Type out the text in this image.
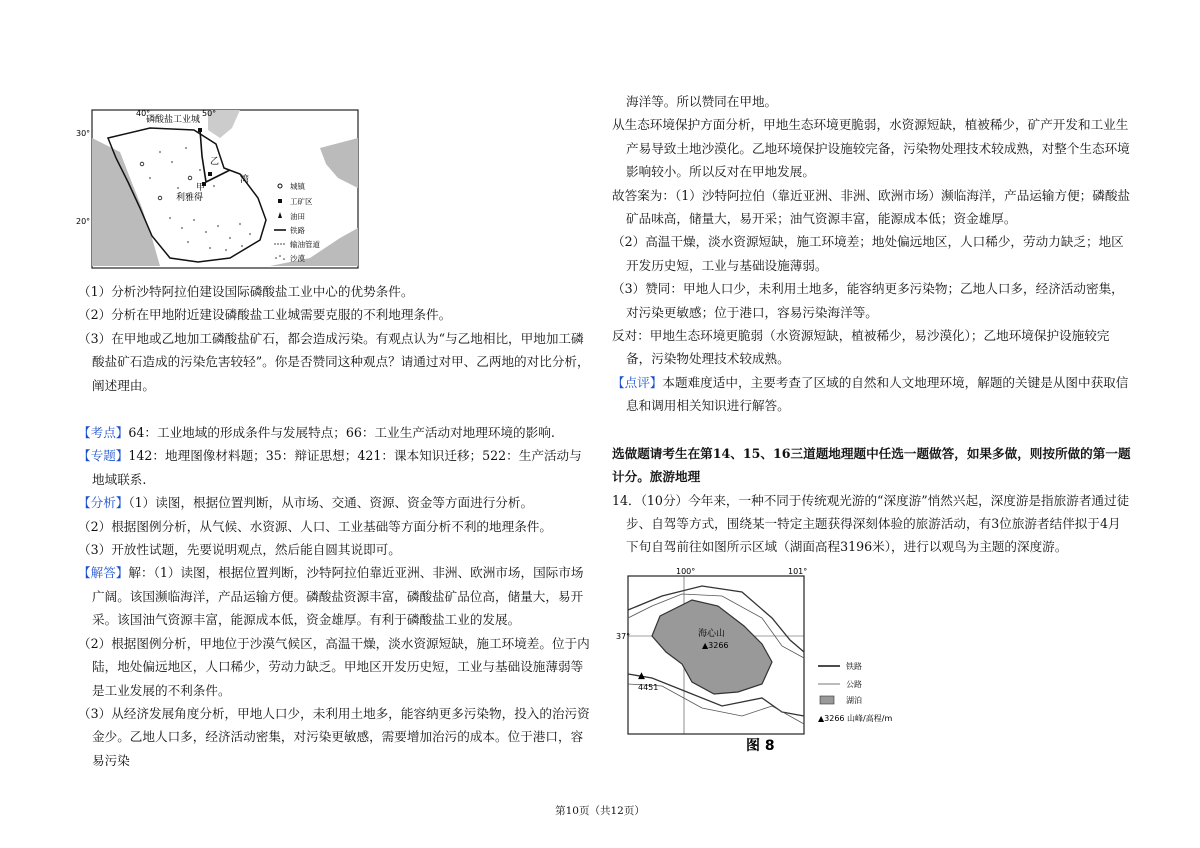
40°	50°
30°
20°
磷酸盐工业城
利雅得
乙
甲
湾
城镇
工矿区
油田
铁路
输油管道
沙漠

（1）分析沙特阿拉伯建设国际磷酸盐工业中心的优势条件。

（2）分析在甲地附近建设磷酸盐工业城需要克服的不利地理条件。

（3）在甲地或乙地加工磷酸盐矿石，都会造成污染。有观点认为“与乙地相比，甲地加工磷酸盐矿石造成的污染危害较轻”。你是否赞同这种观点？请通过对甲、乙两地的对比分析，阐述理由。

【考点】64：工业地域的形成条件与发展特点；66：工业生产活动对地理环境的影响.

【专题】142：地理图像材料题；35：辩证思想；421：课本知识迁移；522：生产活动与地域联系.

【分析】（1）读图，根据位置判断，从市场、交通、资源、资金等方面进行分析。

（2）根据图例分析，从气候、水资源、人口、工业基础等方面分析不利的地理条件。

（3）开放性试题，先要说明观点，然后能自圆其说即可。

【解答】解：（1）读图，根据位置判断，沙特阿拉伯靠近亚洲、非洲、欧洲市场，国际市场广阔。该国濒临海洋，产品运输方便。磷酸盐资源丰富，磷酸盐矿品位高，储量大，易开采。该国油气资源丰富，能源成本低，资金雄厚。有利于磷酸盐工业的发展。

（2）根据图例分析，甲地位于沙漠气候区，高温干燥，淡水资源短缺，施工环境差。位于内陆，地处偏远地区，人口稀少，劳动力缺乏。甲地区开发历史短，工业与基础设施薄弱等是工业发展的不利条件。

（3）从经济发展角度分析，甲地人口少，未利用土地多，能容纳更多污染物，投入的治污资金少。乙地人口多，经济活动密集，对污染更敏感，需要增加治污的成本。位于港口，容易污染

海洋等。所以赞同在甲地。

从生态环境保护方面分析，甲地生态环境更脆弱，水资源短缺，植被稀少，矿产开发和工业生产易导致土地沙漠化。乙地环境保护设施较完备，污染物处理技术较成熟，对整个生态环境影响较小。所以反对在甲地发展。

故答案为：（1）沙特阿拉伯（靠近亚洲、非洲、欧洲市场）濒临海洋，产品运输方便；磷酸盐矿品味高，储量大，易开采；油气资源丰富，能源成本低；资金雄厚。

（2）高温干燥，淡水资源短缺，施工环境差；地处偏远地区，人口稀少，劳动力缺乏；地区开发历史短，工业与基础设施薄弱。

（3）赞同：甲地人口少，未利用土地多，能容纳更多污染物；乙地人口多，经济活动密集，对污染更敏感；位于港口，容易污染海洋等。

反对：甲地生态环境更脆弱（水资源短缺，植被稀少，易沙漠化）；乙地环境保护设施较完备，污染物处理技术较成熟。

【点评】本题难度适中，主要考查了区域的自然和人文地理环境，解题的关键是从图中获取信息和调用相关知识进行解答。

选做题请考生在第14、15、16三道题地理题中任选一题做答，如果多做，则按所做的第一题计分。旅游地理

14．（10分）今年来，一种不同于传统观光游的“深度游”悄然兴起，深度游是指旅游者通过徒步、自驾等方式，围绕某一特定主题获得深刻体验的旅游活动，有3位旅游者结伴拟于4月下旬自驾前往如图所示区域（湖面高程3196米），进行以观鸟为主题的深度游。

100°	101°
37°	海心山
▲3266
▲
4451
铁路
公路
湖泊
▲3266 山峰/高程/m
图 8
第10页（共12页）
